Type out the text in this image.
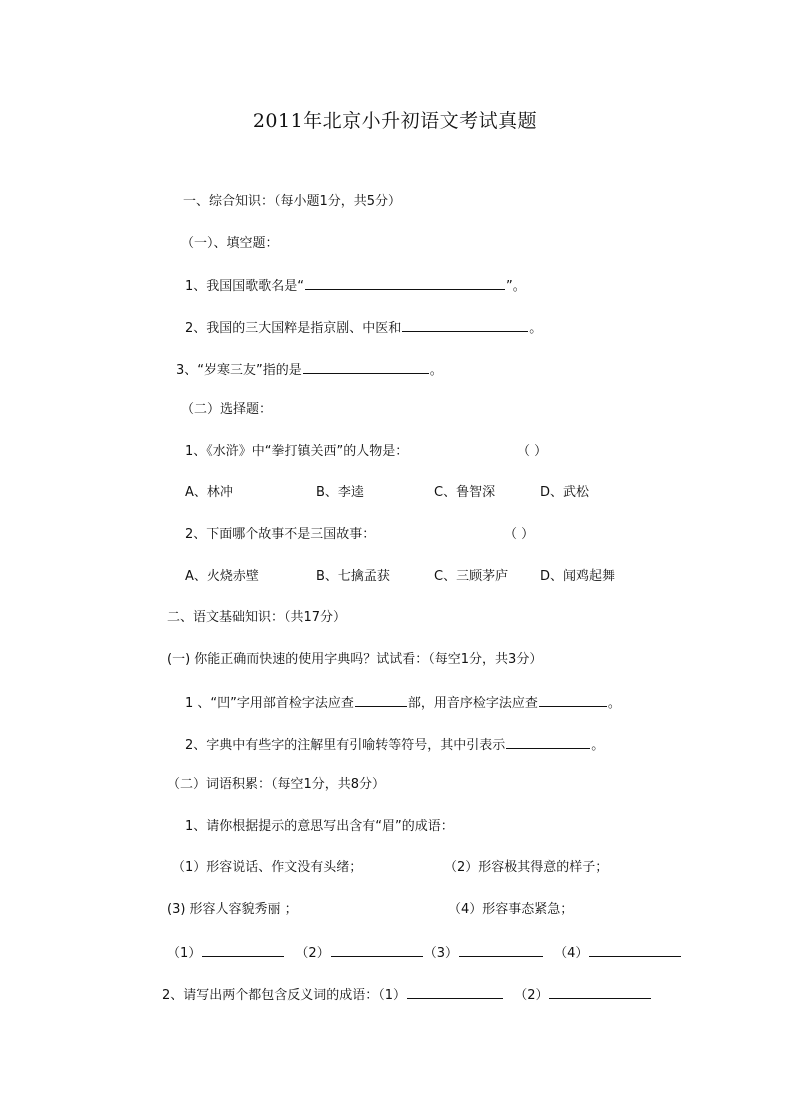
2011年北京小升初语文考试真题
一、综合知识：（每小题1分，共5分）
（一）、填空题：
1、我国国歌歌名是“	”。
2、我国的三大国粹是指京剧、中医和	。
3、“岁寒三友”指的是	。
（二）选择题：
1、《水浒》中“拳打镇关西”的人物是：	（ ）
A、林冲	B、李逵	C、鲁智深	D、武松
2、下面哪个故事不是三国故事：	（ ）
A、火烧赤壁	B、七擒孟获	C、三顾茅庐 D、闻鸡起舞
二、语文基础知识：（共17分）
(一) 你能正确而快速的使用字典吗？试试看：（每空1分，共3分）
1 、“凹”字用部首检字法应查	部，用音序检字法应查	。
2、字典中有些字的注解里有引喻转等符号，其中引表示	。
（二）词语积累：（每空1分，共8分）
1、请你根据提示的意思写出含有“眉”的成语：
（1）形容说话、作文没有头绪；	（2）形容极其得意的样子；
(3) 形容人容貌秀丽 ；	（4）形容事态紧急；
（1）	（2）	（3）	（4）
2、请写出两个都包含反义词的成语：（1）	（2）
